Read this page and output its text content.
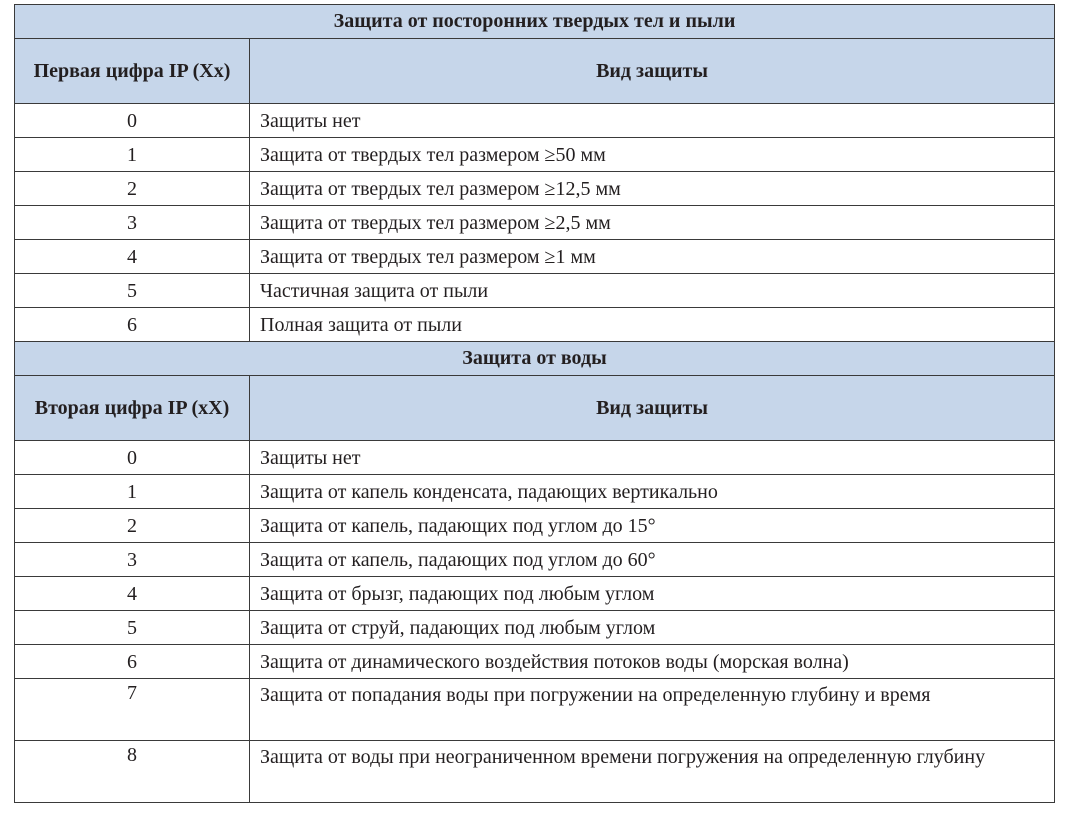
Защита от посторонних твердых тел и пыли	
Первая цифра IP (Xx)	Вид защиты
0	Защиты нет
1	Защита от твердых тел размером ≥50 мм
2	Защита от твердых тел размером ≥12,5 мм
3	Защита от твердых тел размером ≥2,5 мм
4	Защита от твердых тел размером ≥1 мм
5	Частичная защита от пыли
6	Полная защита от пыли
Защита от воды	
Вторая цифра IP (xX)	Вид защиты
0	Защиты нет
1	Защита от капель конденсата, падающих вертикально
2	Защита от капель, падающих под углом до 15°
3	Защита от капель, падающих под углом до 60°
4	Защита от брызг, падающих под любым углом
5	Защита от струй, падающих под любым углом
6	Защита от динамического воздействия потоков воды (морская волна)
7	Защита от попадания воды при погружении на определенную глубину и время
8	Защита от воды при неограниченном времени погружения на определенную глубину
